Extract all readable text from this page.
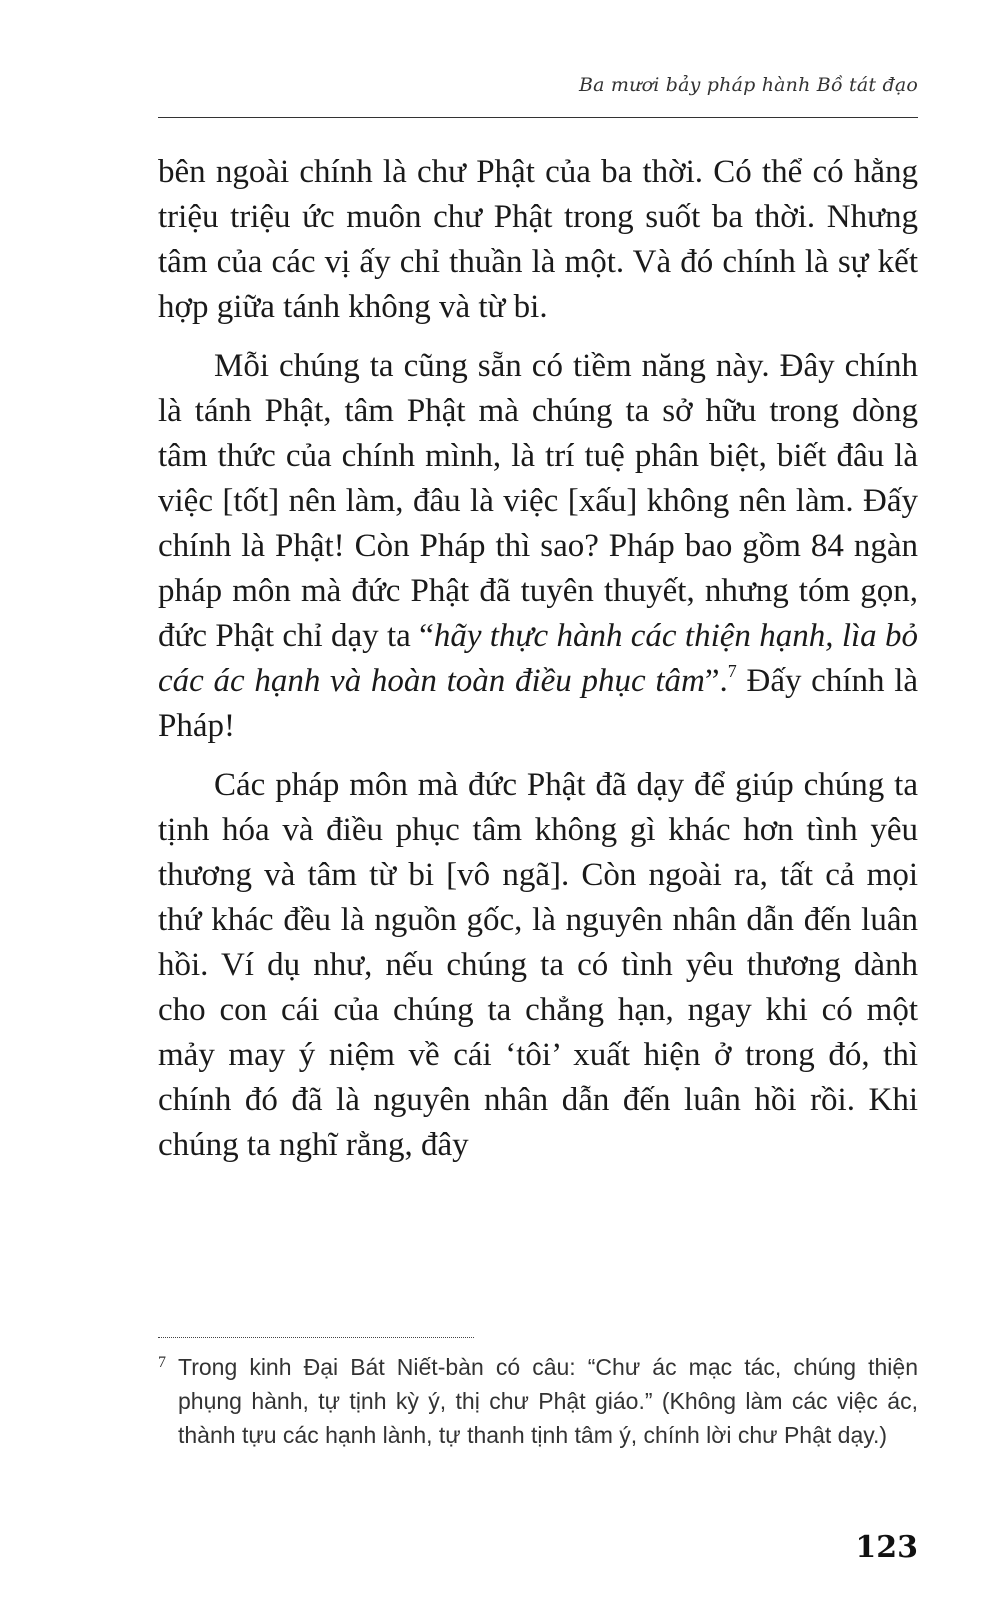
Ba mươi bảy pháp hành Bồ tát đạo

bên ngoài chính là chư Phật của ba thời. Có thể có hằng triệu triệu ức muôn chư Phật trong suốt ba thời. Nhưng tâm của các vị ấy chỉ thuần là một. Và đó chính là sự kết hợp giữa tánh không và từ bi.

Mỗi chúng ta cũng sẵn có tiềm năng này. Đây chính là tánh Phật, tâm Phật mà chúng ta sở hữu trong dòng tâm thức của chính mình, là trí tuệ phân biệt, biết đâu là việc [tốt] nên làm, đâu là việc [xấu] không nên làm. Đấy chính là Phật! Còn Pháp thì sao? Pháp bao gồm 84 ngàn pháp môn mà đức Phật đã tuyên thuyết, nhưng tóm gọn, đức Phật chỉ dạy ta “hãy thực hành các thiện hạnh, lìa bỏ các ác hạnh và hoàn toàn điều phục tâm”.$^7$ Đấy chính là Pháp!

Các pháp môn mà đức Phật đã dạy để giúp chúng ta tịnh hóa và điều phục tâm không gì khác hơn tình yêu thương và tâm từ bi [vô ngã]. Còn ngoài ra, tất cả mọi thứ khác đều là nguồn gốc, là nguyên nhân dẫn đến luân hồi. Ví dụ như, nếu chúng ta có tình yêu thương dành cho con cái của chúng ta chẳng hạn, ngay khi có một mảy may ý niệm về cái ‘tôi’ xuất hiện ở trong đó, thì chính đó đã là nguyên nhân dẫn đến luân hồi rồi. Khi chúng ta nghĩ rằng, đây

7 Trong kinh Đại Bát Niết-bàn có câu: “Chư ác mạc tác, chúng thiện phụng hành, tự tịnh kỳ ý, thị chư Phật giáo.” (Không làm các việc ác, thành tựu các hạnh lành, tự thanh tịnh tâm ý, chính lời chư Phật dạy.)
123
